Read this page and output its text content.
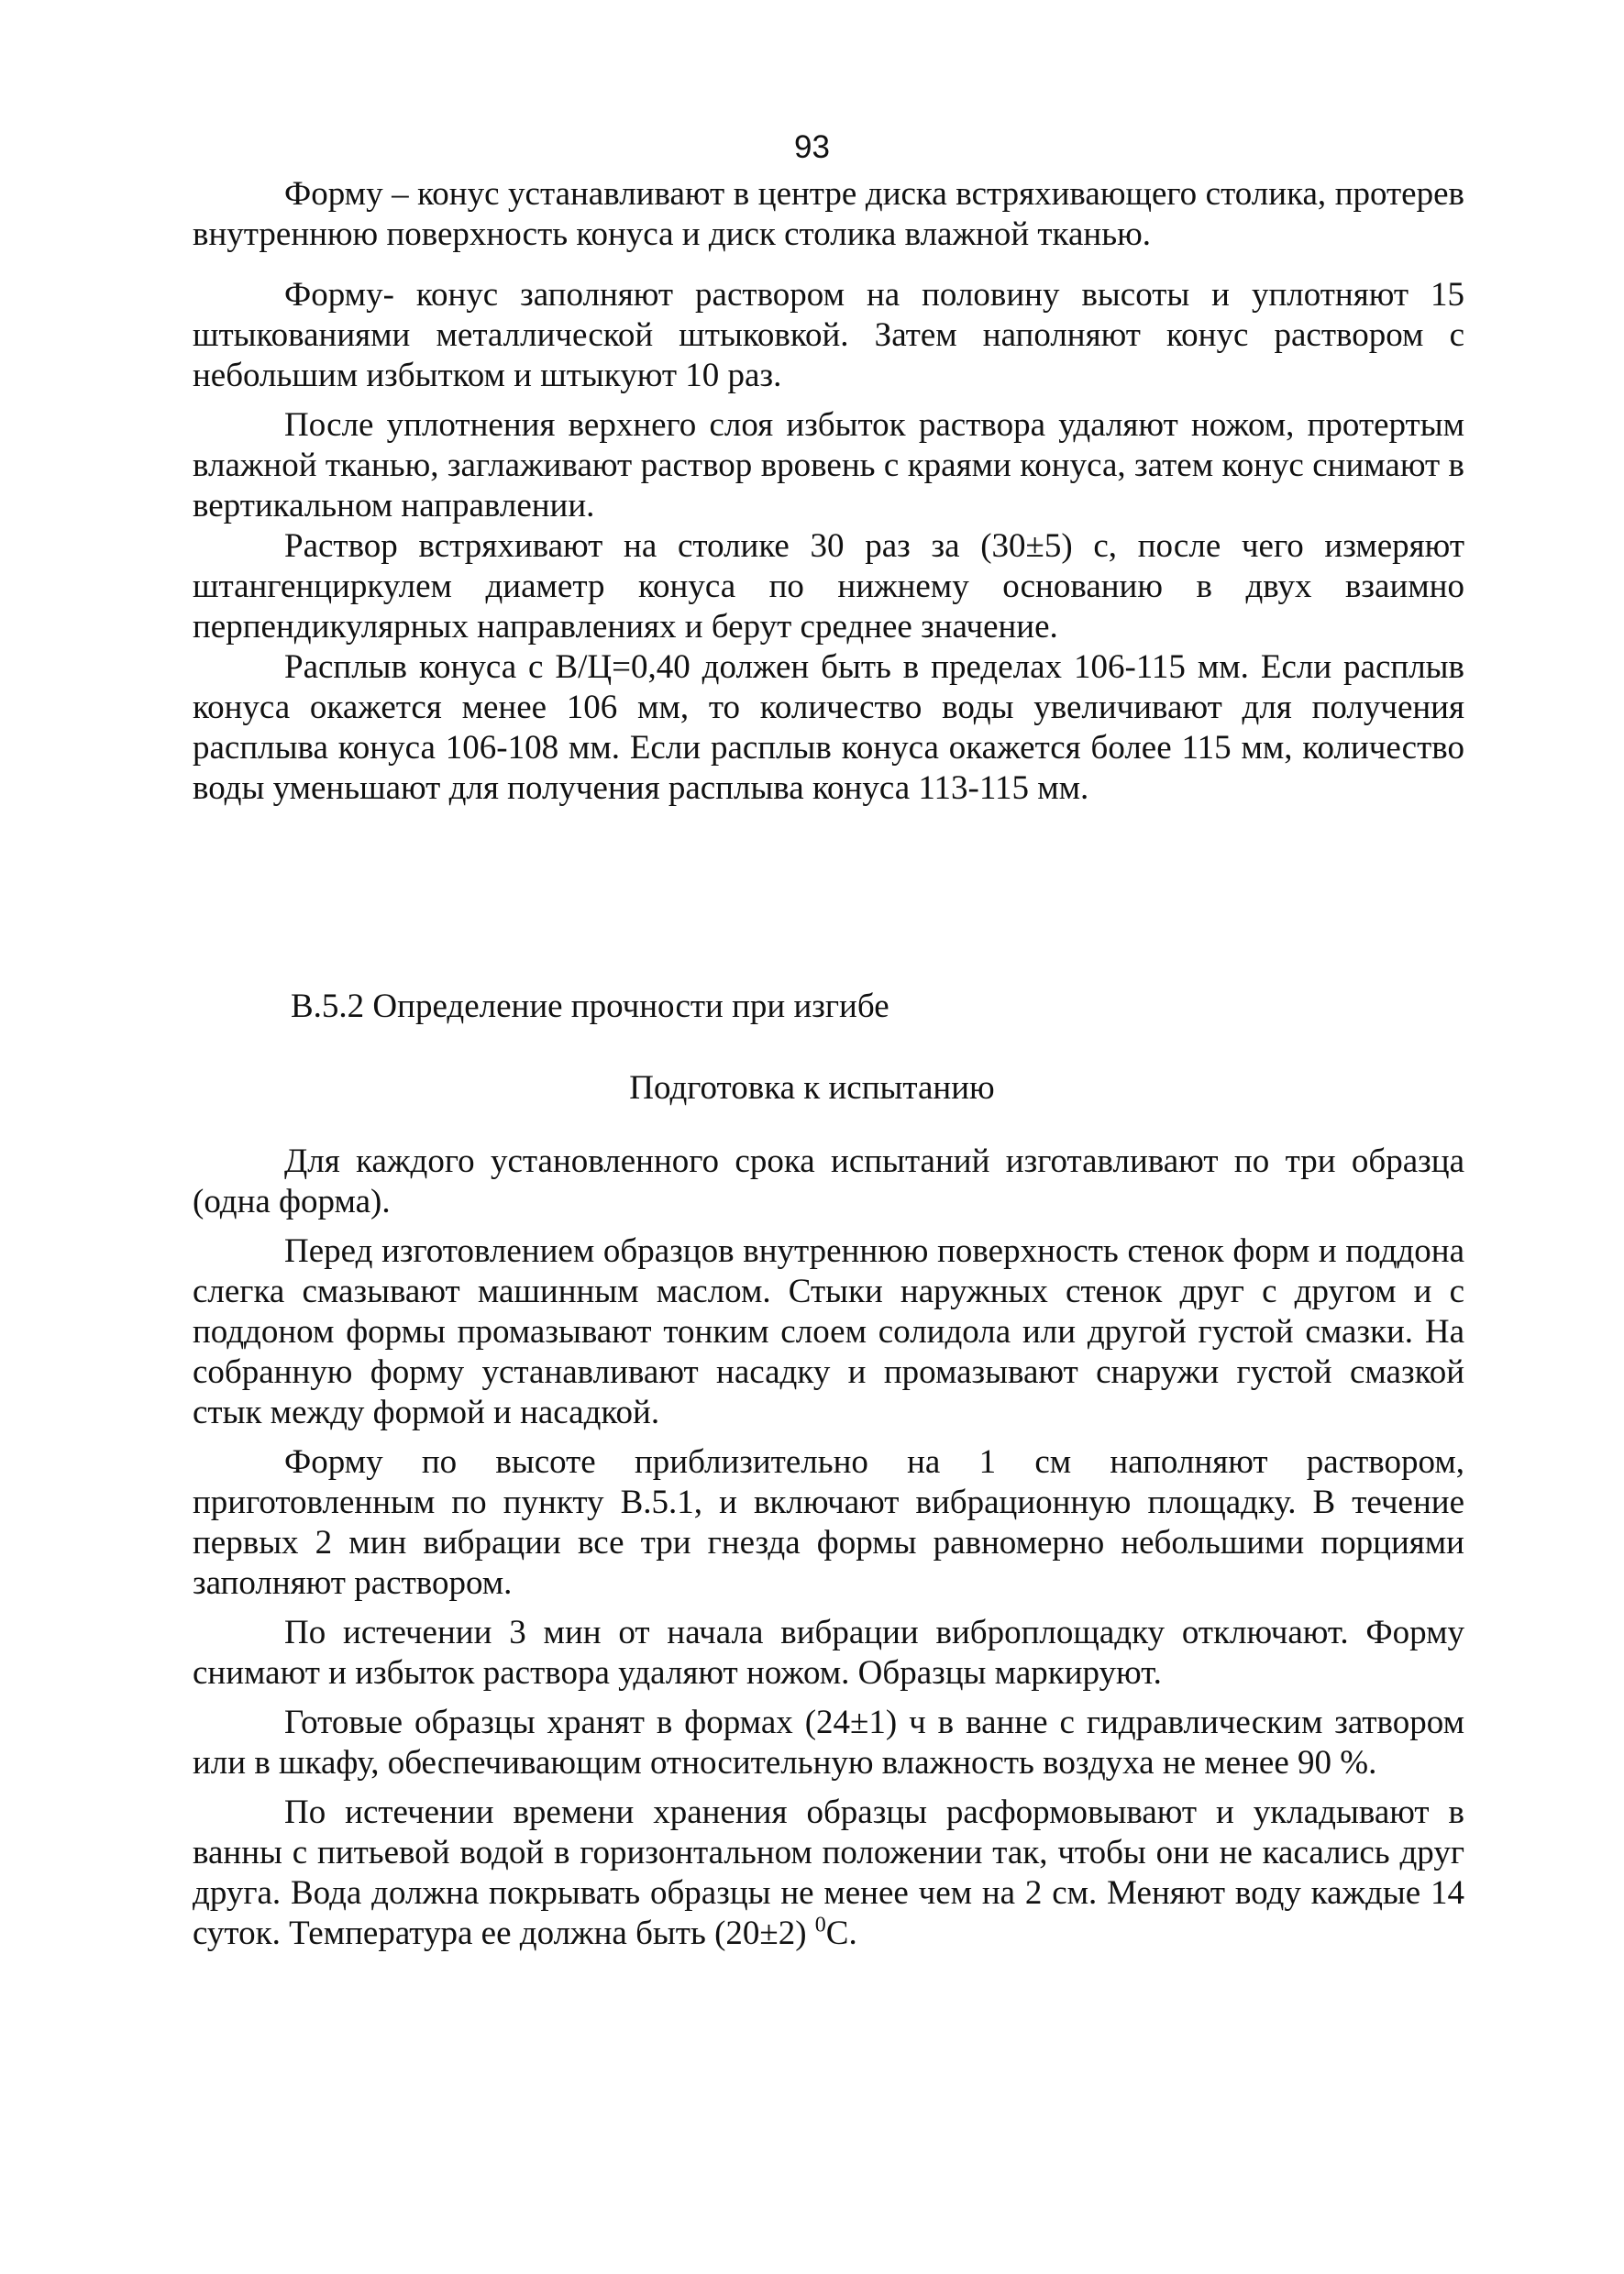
93

Форму – конус устанавливают в центре диска встряхивающего столика, протерев внутреннюю поверхность конуса и диск столика влажной тканью.

Форму- конус заполняют раствором на половину высоты и уплотняют 15 штыкованиями металлической штыковкой. Затем наполняют конус раствором с небольшим избытком и штыкуют 10 раз.

После уплотнения верхнего слоя избыток раствора удаляют ножом, протертым влажной тканью, заглаживают раствор вровень с краями конуса, затем конус снимают в вертикальном направлении.

Раствор встряхивают на столике 30 раз за (30±5) с, после чего измеряют штангенциркулем диаметр конуса по нижнему основанию в двух взаимно перпендикулярных направлениях и берут среднее значение.

Расплыв конуса с В/Ц=0,40 должен быть в пределах 106-115 мм. Если расплыв конуса окажется менее 106 мм, то количество воды увеличивают для получения расплыва конуса 106-108 мм. Если расплыв конуса окажется более 115 мм, количество воды уменьшают для получения расплыва конуса 113-115 мм.

В.5.2 Определение прочности при изгибе
Подготовка к испытанию

Для каждого установленного срока испытаний изготавливают по три образца (одна форма).

Перед изготовлением образцов внутреннюю поверхность стенок форм и поддона слегка смазывают машинным маслом. Стыки наружных стенок друг с другом и с поддоном формы промазывают тонким слоем солидола или другой густой смазки. На собранную форму устанавливают насадку и промазывают снаружи густой смазкой стык между формой и насадкой.

Форму по высоте приблизительно на 1 см наполняют раствором, приготовленным по пункту В.5.1, и включают вибрационную площадку. В течение первых 2 мин вибрации все три гнезда формы равномерно небольшими порциями заполняют раствором.

По истечении 3 мин от начала вибрации виброплощадку отключают. Форму снимают и избыток раствора удаляют ножом. Образцы маркируют.

Готовые образцы хранят в формах (24±1) ч в ванне с гидравлическим затвором или в шкафу, обеспечивающим относительную влажность воздуха не менее 90 %.

По истечении времени хранения образцы расформовывают и укладывают в ванны с питьевой водой в горизонтальном положении так, чтобы они не касались друг друга. Вода должна покрывать образцы не менее чем на 2 см. Меняют воду каждые 14 суток. Температура ее должна быть (20±2) $^0$С.
